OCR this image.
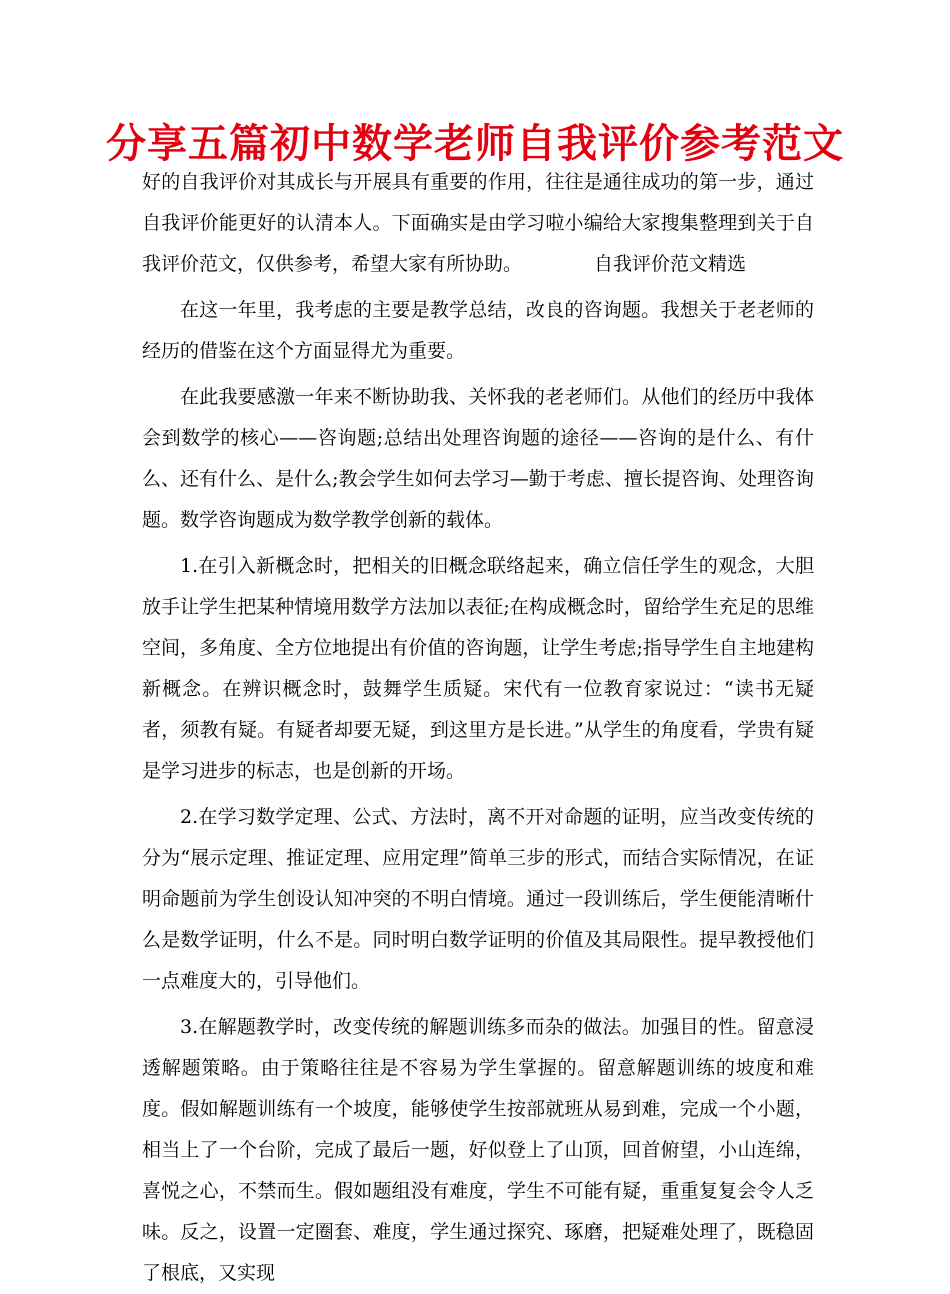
分享五篇初中数学老师自我评价参考范文

好的自我评价对其成长与开展具有重要的作用，往往是通往成功的第一步，通过自我评价能更好的认清本人。下面确实是由学习啦小编给大家搜集整理到关于自我评价范文，仅供参考，希望大家有所协助。	自我评价范文精选

在这一年里，我考虑的主要是教学总结，改良的咨询题。我想关于老老师的经历的借鉴在这个方面显得尤为重要。

在此我要感激一年来不断协助我、关怀我的老老师们。从他们的经历中我体会到数学的核心——咨询题;总结出处理咨询题的途径——咨询的是什么、有什么、还有什么、是什么;教会学生如何去学习—勤于考虑、擅长提咨询、处理咨询题。数学咨询题成为数学教学创新的载体。

1.在引入新概念时，把相关的旧概念联络起来，确立信任学生的观念，大胆放手让学生把某种情境用数学方法加以表征;在构成概念时，留给学生充足的思维空间，多角度、全方位地提出有价值的咨询题，让学生考虑;指导学生自主地建构新概念。在辨识概念时，鼓舞学生质疑。宋代有一位教育家说过：“读书无疑者，须教有疑。有疑者却要无疑，到这里方是长进。”从学生的角度看，学贵有疑是学习进步的标志，也是创新的开场。

2.在学习数学定理、公式、方法时，离不开对命题的证明，应当改变传统的分为“展示定理、推证定理、应用定理”简单三步的形式，而结合实际情况，在证明命题前为学生创设认知冲突的不明白情境。通过一段训练后，学生便能清晰什么是数学证明，什么不是。同时明白数学证明的价值及其局限性。提早教授他们一点难度大的，引导他们。

3.在解题教学时，改变传统的解题训练多而杂的做法。加强目的性。留意浸透解题策略。由于策略往往是不容易为学生掌握的。留意解题训练的坡度和难度。假如解题训练有一个坡度，能够使学生按部就班从易到难，完成一个小题，相当上了一个台阶，完成了最后一题，好似登上了山顶，回首俯望，小山连绵，喜悦之心，不禁而生。假如题组没有难度，学生不可能有疑，重重复复会令人乏味。反之，设置一定圈套、难度，学生通过探究、琢磨，把疑难处理了，既稳固了根底，又实现
